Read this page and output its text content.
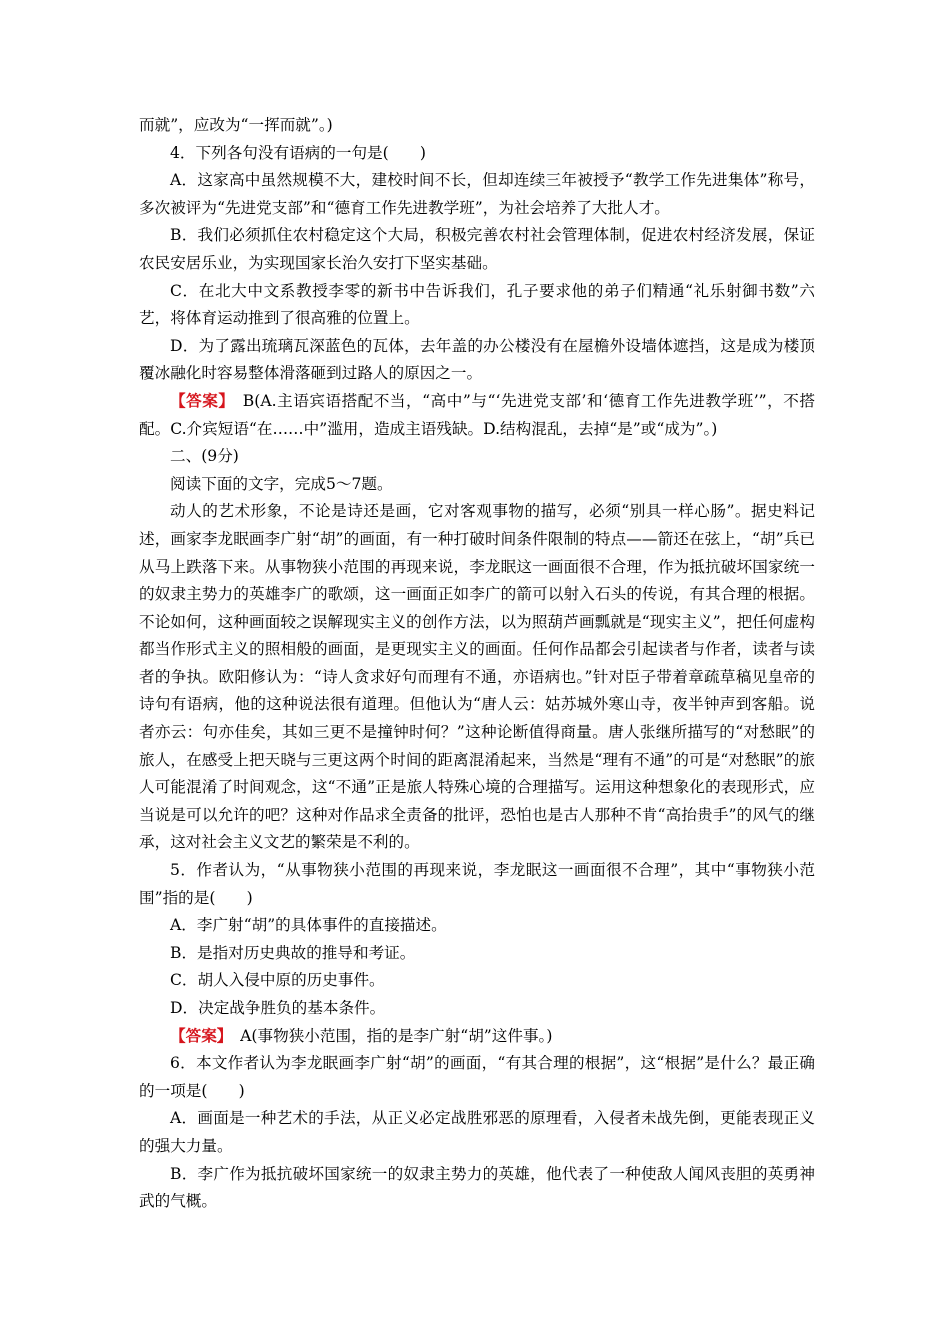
而就”，应改为“一挥而就”。)

4．下列各句没有语病的一句是(　　)

A．这家高中虽然规模不大，建校时间不长，但却连续三年被授予“教学工作先进集体”称号，多次被评为“先进党支部”和“德育工作先进教学班”，为社会培养了大批人才。

B．我们必须抓住农村稳定这个大局，积极完善农村社会管理体制，促进农村经济发展，保证农民安居乐业，为实现国家长治久安打下坚实基础。

C．在北大中文系教授李零的新书中告诉我们，孔子要求他的弟子们精通“礼乐射御书数”六艺，将体育运动推到了很高雅的位置上。

D．为了露出琉璃瓦深蓝色的瓦体，去年盖的办公楼没有在屋檐外设墙体遮挡，这是成为楼顶覆冰融化时容易整体滑落砸到过路人的原因之一。

【答案】　B(A.主语宾语搭配不当，“高中”与“‘先进党支部’和‘德育工作先进教学班’”，不搭配。C.介宾短语“在……中”滥用，造成主语残缺。D.结构混乱，去掉“是”或“成为”。)

二、(9分)

阅读下面的文字，完成5～7题。

动人的艺术形象，不论是诗还是画，它对客观事物的描写，必须“别具一样心肠”。据史料记述，画家李龙眠画李广射“胡”的画面，有一种打破时间条件限制的特点——箭还在弦上，“胡”兵已从马上跌落下来。从事物狭小范围的再现来说，李龙眠这一画面很不合理，作为抵抗破坏国家统一的奴隶主势力的英雄李广的歌颂，这一画面正如李广的箭可以射入石头的传说，有其合理的根据。不论如何，这种画面较之误解现实主义的创作方法，以为照葫芦画瓢就是“现实主义”，把任何虚构都当作形式主义的照相般的画面，是更现实主义的画面。任何作品都会引起读者与作者，读者与读者的争执。欧阳修认为：“诗人贪求好句而理有不通，亦语病也。”针对臣子带着章疏草稿见皇帝的诗句有语病，他的这种说法很有道理。但他认为“唐人云：姑苏城外寒山寺，夜半钟声到客船。说者亦云：句亦佳矣，其如三更不是撞钟时何？”这种论断值得商量。唐人张继所描写的“对愁眠”的旅人，在感受上把天晓与三更这两个时间的距离混淆起来，当然是“理有不通”的可是“对愁眠”的旅人可能混淆了时间观念，这“不通”正是旅人特殊心境的合理描写。运用这种想象化的表现形式，应当说是可以允许的吧？这种对作品求全责备的批评，恐怕也是古人那种不肯“高抬贵手”的风气的继承，这对社会主义文艺的繁荣是不利的。

5．作者认为，“从事物狭小范围的再现来说，李龙眠这一画面很不合理”，其中“事物狭小范围”指的是(　　)

A．李广射“胡”的具体事件的直接描述。

B．是指对历史典故的推导和考证。

C．胡人入侵中原的历史事件。

D．决定战争胜负的基本条件。

【答案】　A(事物狭小范围，指的是李广射“胡”这件事。)

6．本文作者认为李龙眠画李广射“胡”的画面，“有其合理的根据”，这“根据”是什么？最正确的一项是(　　)

A．画面是一种艺术的手法，从正义必定战胜邪恶的原理看，入侵者未战先倒，更能表现正义的强大力量。

B．李广作为抵抗破坏国家统一的奴隶主势力的英雄，他代表了一种使敌人闻风丧胆的英勇神武的气概。
